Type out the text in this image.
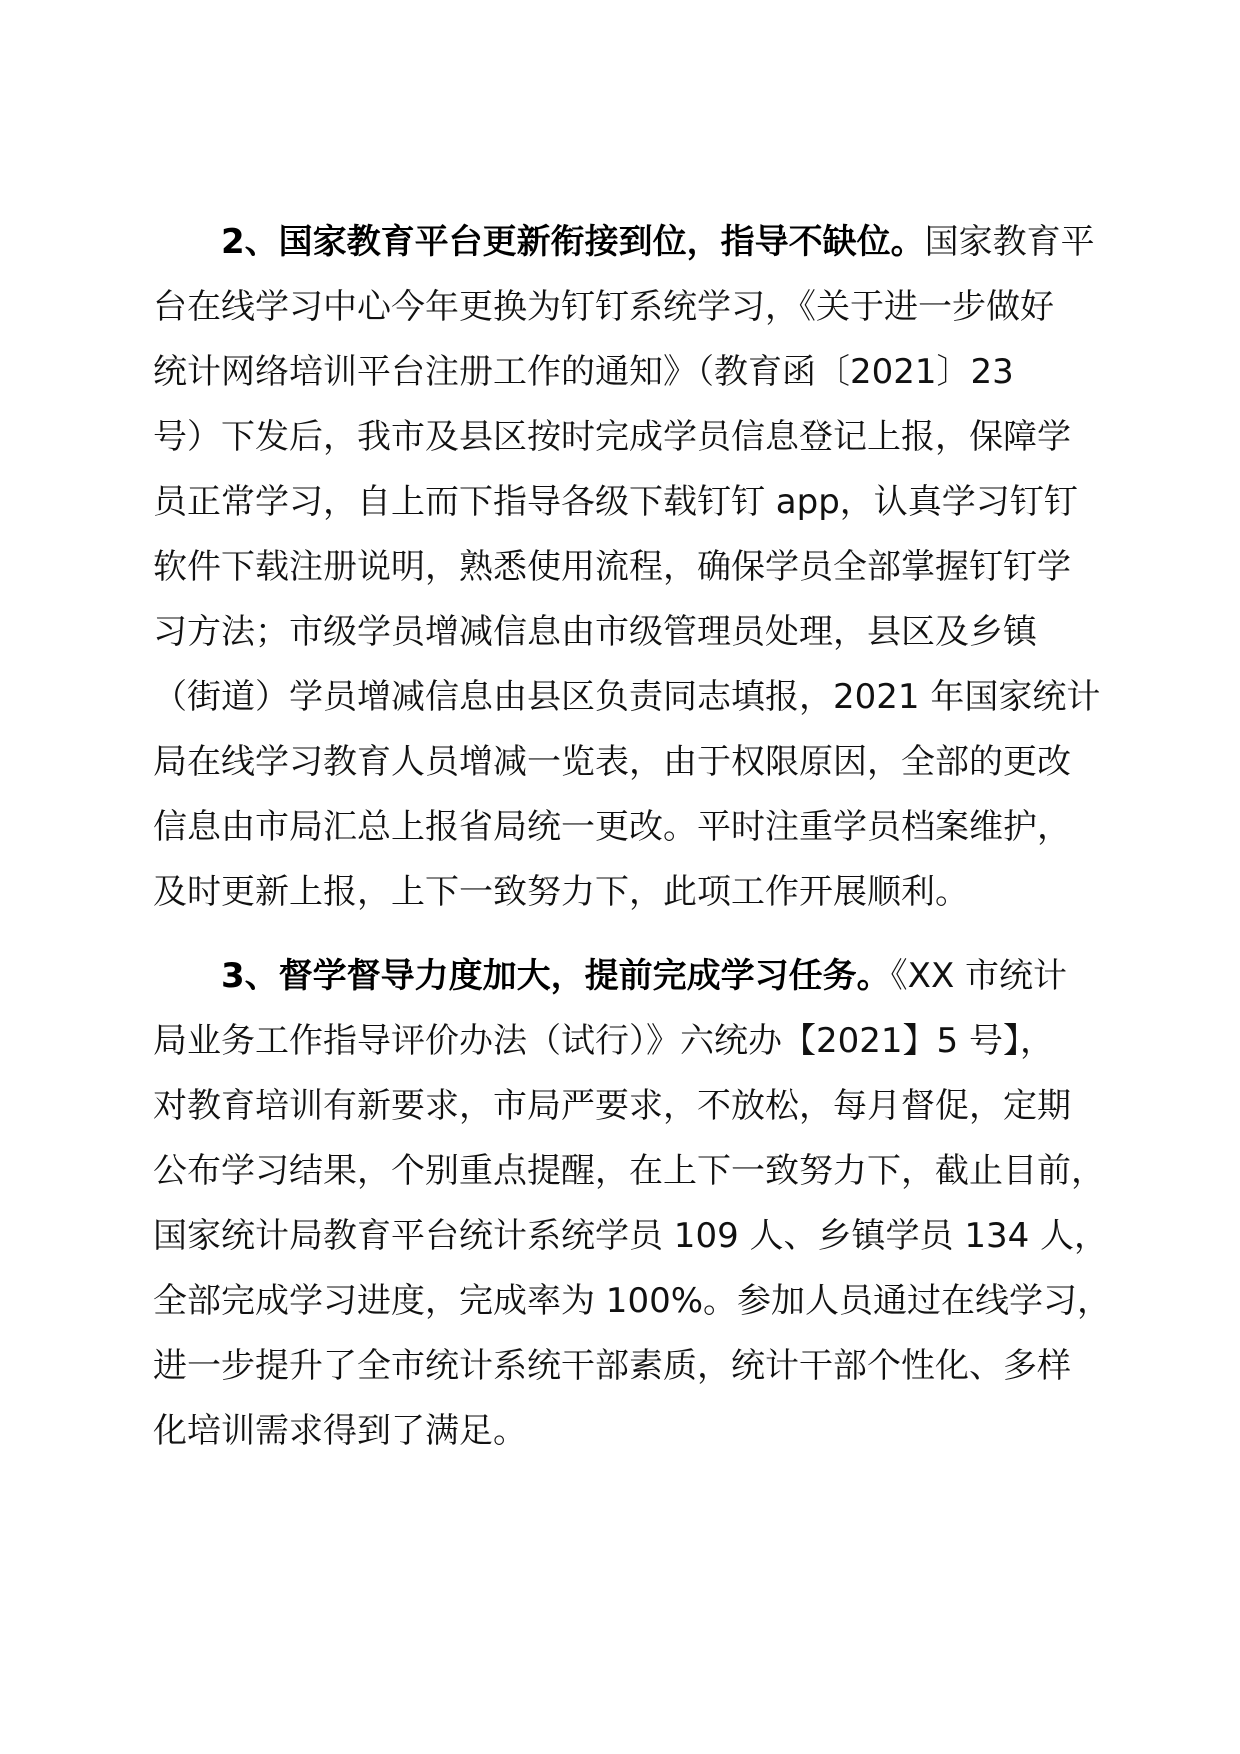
2、国家教育平台更新衔接到位，指导不缺位。国家教育平
台在线学习中心今年更换为钉钉系统学习，《关于进一步做好
统计网络培训平台注册工作的通知》（教育函〔2021〕23
号）下发后，我市及县区按时完成学员信息登记上报，保障学
员正常学习，自上而下指导各级下载钉钉 app，认真学习钉钉
软件下载注册说明，熟悉使用流程，确保学员全部掌握钉钉学
习方法；市级学员增减信息由市级管理员处理，县区及乡镇
（街道）学员增减信息由县区负责同志填报，2021 年国家统计
局在线学习教育人员增减一览表，由于权限原因，全部的更改
信息由市局汇总上报省局统一更改。平时注重学员档案维护，
及时更新上报，上下一致努力下，此项工作开展顺利。
3、督学督导力度加大，提前完成学习任务。《XX 市统计
局业务工作指导评价办法（试行）》六统办【2021】5 号】，
对教育培训有新要求，市局严要求，不放松，每月督促，定期
公布学习结果，个别重点提醒，在上下一致努力下，截止目前，
国家统计局教育平台统计系统学员 109 人、乡镇学员 134 人，
全部完成学习进度，完成率为 100%。参加人员通过在线学习，
进一步提升了全市统计系统干部素质，统计干部个性化、多样
化培训需求得到了满足。
